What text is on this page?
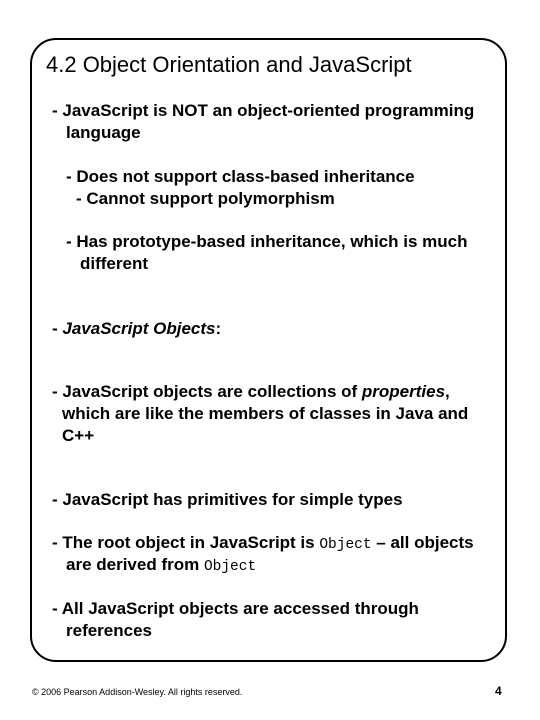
4.2 Object Orientation and JavaScript
- JavaScript is NOT an object-oriented programming
language
- Does not support class-based inheritance
- Cannot support polymorphism
- Has prototype-based inheritance, which is much
different
- JavaScript Objects:
- JavaScript objects are collections of properties,
which are like the members of classes in Java and
C++
- JavaScript has primitives for simple types
- The root object in JavaScript is Object – all objects
are derived from Object
- All JavaScript objects are accessed through
references
© 2006 Pearson Addison-Wesley. All rights reserved.	4
